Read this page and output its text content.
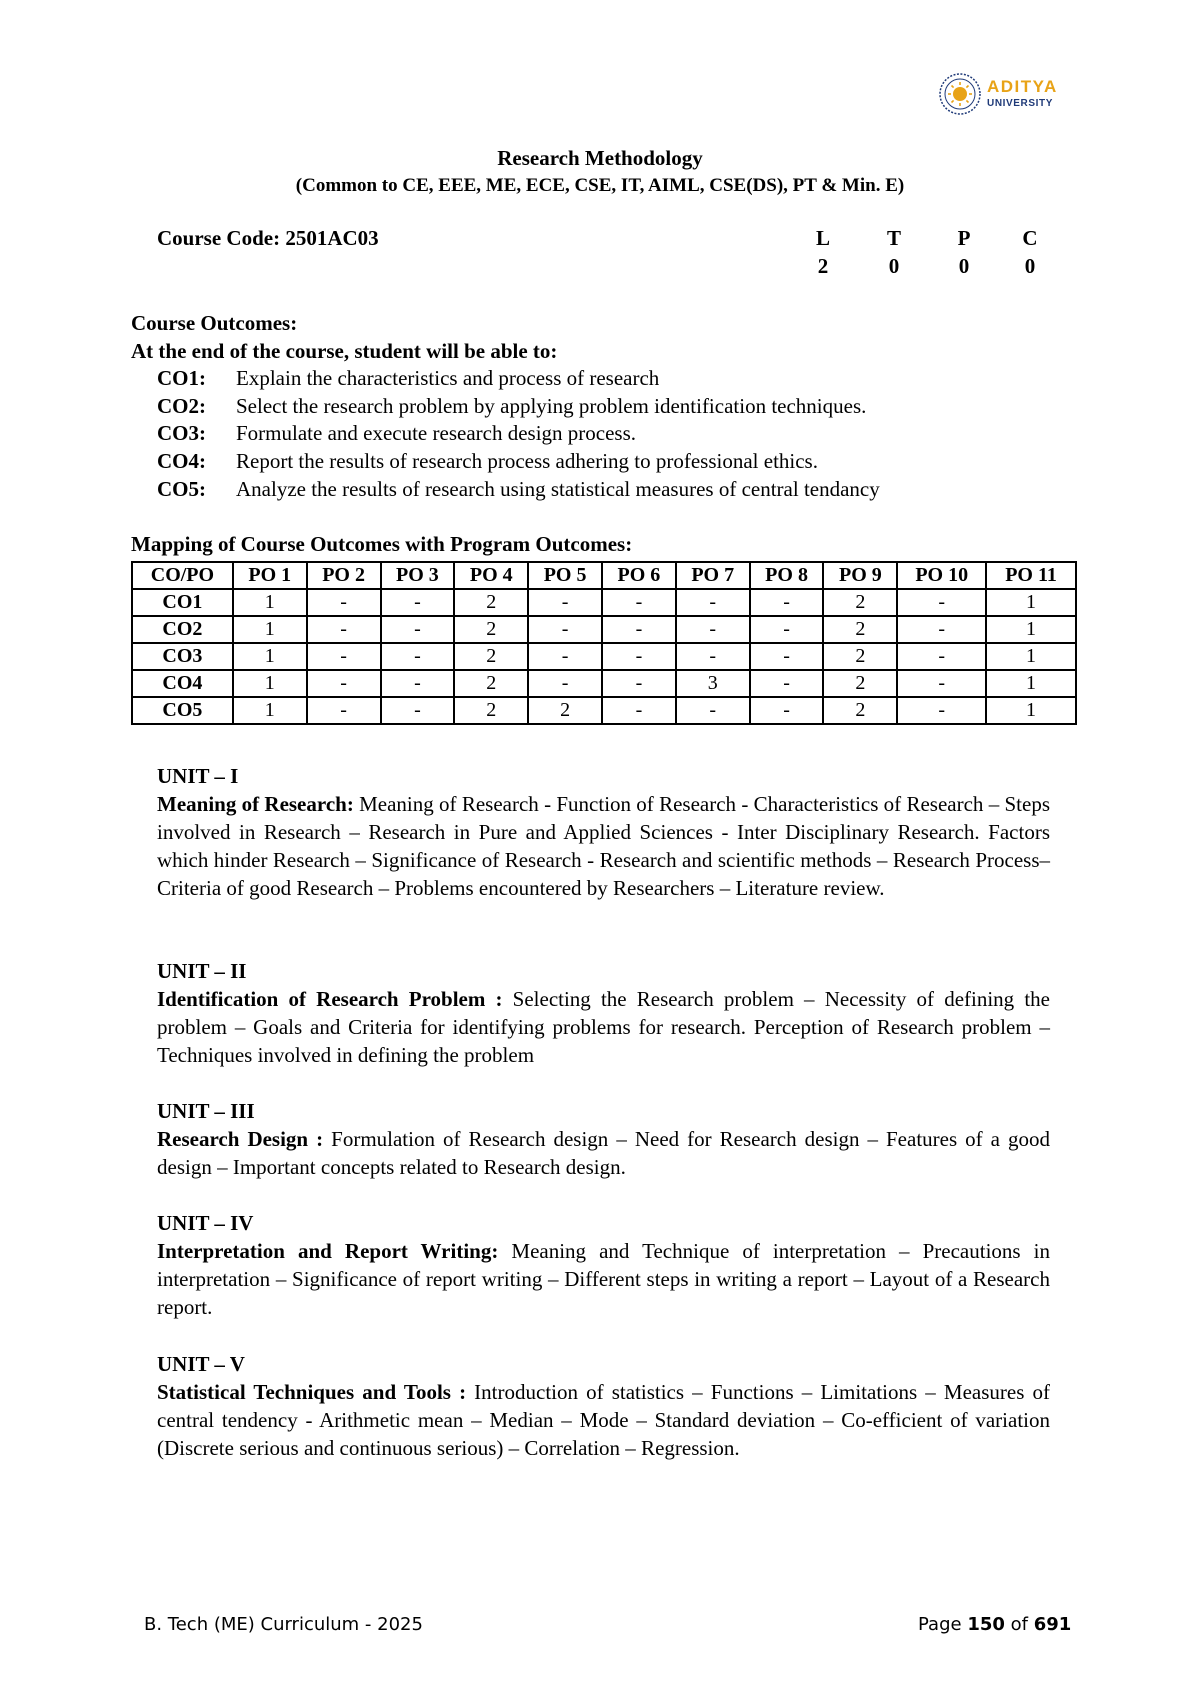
ADITYA
UNIVERSITY
Research Methodology
(Common to CE, EEE, ME, ECE, CSE, IT, AIML, CSE(DS), PT & Min. E)
Course Code: 2501AC03	L	T	P	C
2	0	0	0
Course Outcomes:
At the end of the course, student will be able to:
CO1: Explain the characteristics and process of research
CO2: Select the research problem by applying problem identification techniques.
CO3: Formulate and execute research design process.
CO4: Report the results of research process adhering to professional ethics.
CO5: Analyze the results of research using statistical measures of central tendancy
Mapping of Course Outcomes with Program Outcomes:
CO/PO	PO 1	PO 2	PO 3	PO 4	PO 5	PO 6	PO 7	PO 8	PO 9	PO 10	PO 11
CO1	1	-	-	2	-	-	-	-	2	-	1
CO2	1	-	-	2	-	-	-	-	2	-	1
CO3	1	-	-	2	-	-	-	-	2	-	1
CO4	1	-	-	2	-	-	3	-	2	-	1
CO5	1	-	-	2	2	-	-	-	2	-	1
UNIT – I
Meaning of Research: Meaning of Research - Function of Research - Characteristics of Research – Steps involved in Research – Research in Pure and Applied Sciences - Inter Disciplinary Research. Factors which hinder Research – Significance of Research - Research and scientific methods – Research Process– Criteria of good Research – Problems encountered by Researchers – Literature review.
UNIT – II
Identification of Research Problem : Selecting the Research problem – Necessity of defining the problem – Goals and Criteria for identifying problems for research. Perception of Research problem – Techniques involved in defining the problem
UNIT – III
Research Design : Formulation of Research design – Need for Research design – Features of a good design – Important concepts related to Research design.
UNIT – IV
Interpretation and Report Writing: Meaning and Technique of interpretation – Precautions in interpretation – Significance of report writing – Different steps in writing a report – Layout of a Research report.
UNIT – V
Statistical Techniques and Tools : Introduction of statistics – Functions – Limitations – Measures of central tendency - Arithmetic mean – Median – Mode – Standard deviation – Co-efficient of variation (Discrete serious and continuous serious) – Correlation – Regression.
B. Tech (ME) Curriculum - 2025	Page 150 of 691
